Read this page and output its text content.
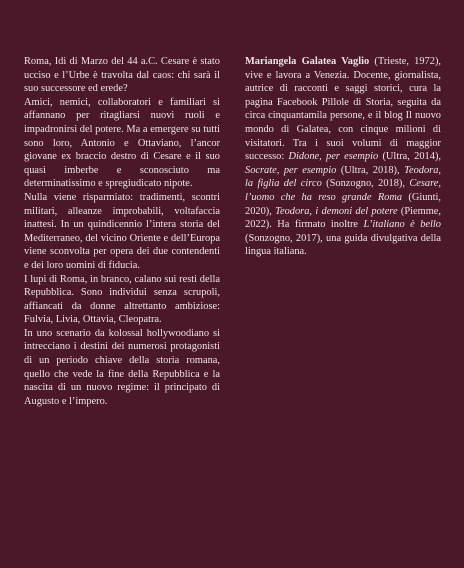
Roma, Idi di Marzo del 44 a.C. Cesare è stato ucciso e l’Urbe è travolta dal caos: chi sarà il suo successore ed erede?

Amici, nemici, collaboratori e familiari si affannano per ritagliarsi nuovi ruoli e impadronirsi del potere. Ma a emergere su tutti sono loro, Antonio e Ottaviano, l’ancor giovane ex braccio destro di Cesare e il suo quasi imberbe e sconosciuto ma determinatissimo e spregiudicato nipote.

Nulla viene risparmiato: tradimenti, scontri militari, alleanze improbabili, voltafaccia inattesi. In un quindicennio l’intera storia del Mediterraneo, del vicino Oriente e dell’Europa viene sconvolta per opera dei due contendenti e dei loro uomini di fiducia.

I lupi di Roma, in branco, calano sui resti della Repubblica. Sono individui senza scrupoli, affiancati da donne altrettanto ambiziose: Fulvia, Livia, Ottavia, Cleopatra.

In uno scenario da kolossal hollywoodiano si intrecciano i destini dei numerosi protagonisti di un periodo chiave della storia romana, quello che vede la fine della Repubblica e la nascita di un nuovo regime: il principato di Augusto e l’impero.

Mariangela Galatea Vaglio (Trieste, 1972), vive e lavora a Venezia. Docente, giornalista, autrice di racconti e saggi storici, cura la pagina Facebook Pillole di Storia, seguita da circa cinquantamila persone, e il blog Il nuovo mondo di Galatea, con cinque milioni di visitatori. Tra i suoi volumi di maggior successo: Didone, per esempio (Ultra, 2014), Socrate, per esempio (Ultra, 2018), Teodora, la figlia del circo (Sonzogno, 2018), Cesare, l’uomo che ha reso grande Roma (Giunti, 2020), Teodora, i demoni del potere (Piemme, 2022). Ha firmato inoltre L’italiano è bello (Sonzogno, 2017), una guida divulgativa della lingua italiana.
